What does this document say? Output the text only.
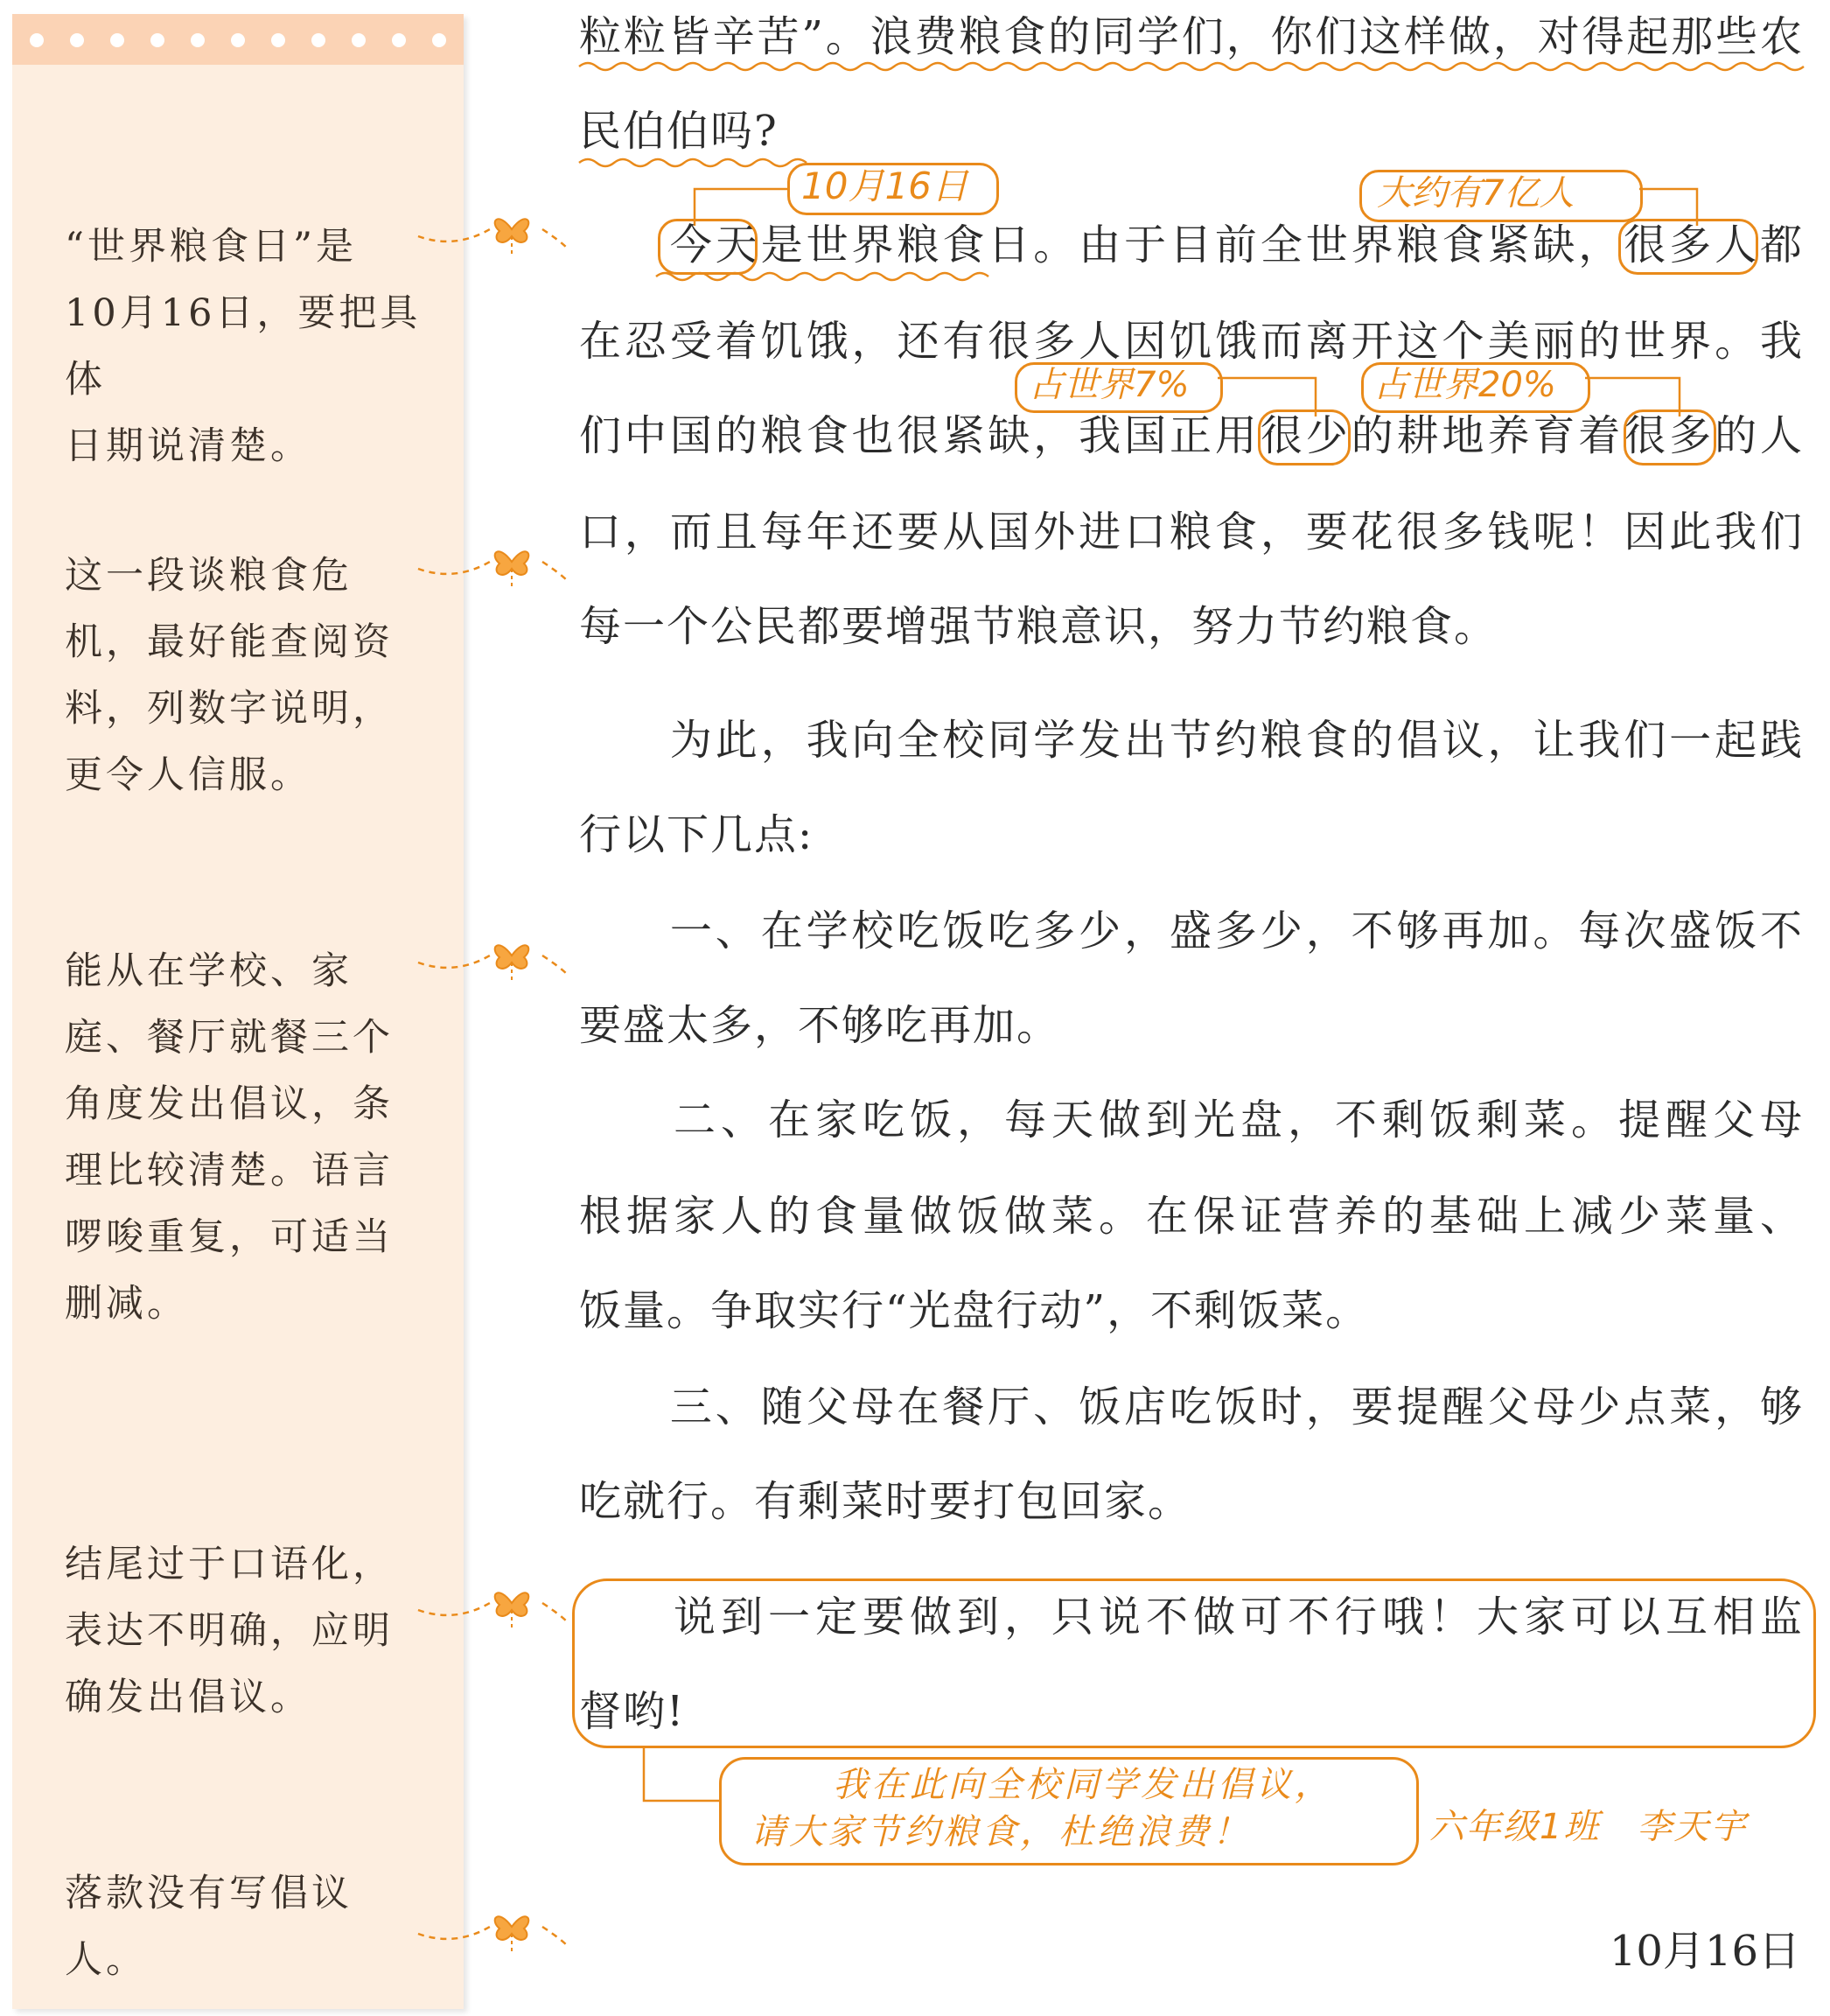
“世界粮食日”是
10月16日，要把具体
日期说清楚。
这一段谈粮食危
机，最好能查阅资
料，列数字说明，
更令人信服。
能从在学校、家
庭、餐厅就餐三个
角度发出倡议，条
理比较清楚。语言
啰唆重复，可适当
删减。
结尾过于口语化，
表达不明确，应明
确发出倡议。
落款没有写倡议
人。
粒粒皆辛苦”。浪费粮食的同学们，你们这样做，对得起那些农
民伯伯吗?
　　今天是世界粮食日。由于目前全世界粮食紧缺，很多人都
在忍受着饥饿，还有很多人因饥饿而离开这个美丽的世界。我
们中国的粮食也很紧缺，我国正用很少的耕地养育着很多的人
口，而且每年还要从国外进口粮食，要花很多钱呢！因此我们
每一个公民都要增强节粮意识，努力节约粮食。
　　为此，我向全校同学发出节约粮食的倡议，让我们一起践
行以下几点:
　　一、在学校吃饭吃多少，盛多少，不够再加。每次盛饭不
要盛太多，不够吃再加。
　　二、在家吃饭，每天做到光盘，不剩饭剩菜。提醒父母
根据家人的食量做饭做菜。在保证营养的基础上减少菜量、
饭量。争取实行“光盘行动”，不剩饭菜。
　　三、随父母在餐厅、饭店吃饭时，要提醒父母少点菜，够
吃就行。有剩菜时要打包回家。
　　说到一定要做到，只说不做可不行哦！大家可以互相监
督哟!
10月16日	大约有7亿人
占世界7%	占世界20%
我在此向全校同学发出倡议，
请大家节约粮食，杜绝浪费！	六年级1班　李天宇
10月16日
